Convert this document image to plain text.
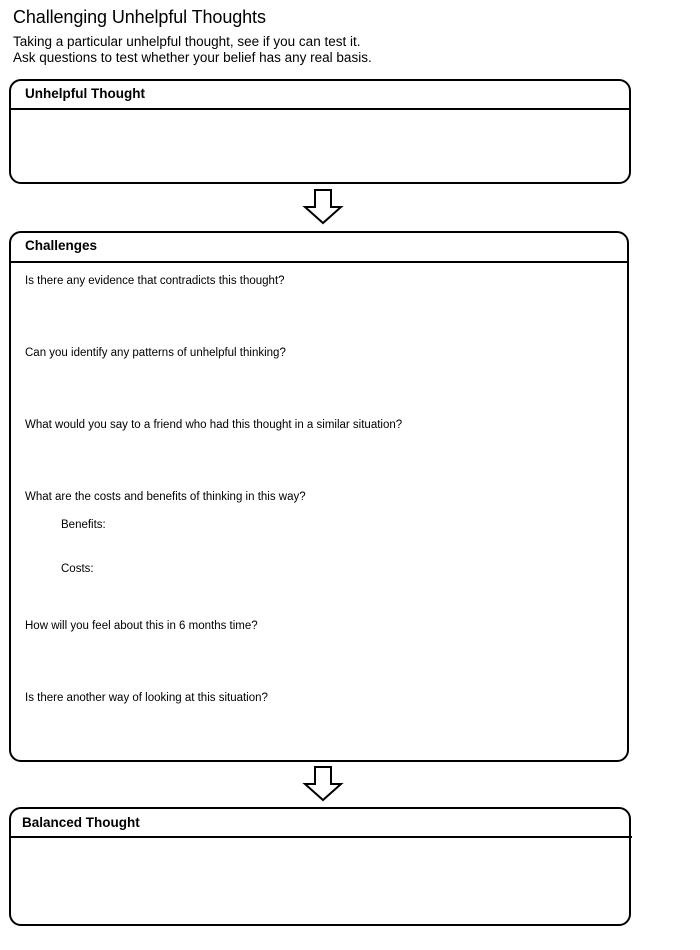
Challenging Unhelpful Thoughts

Taking a particular unhelpful thought, see if you can test it.

Ask questions to test whether your belief has any real basis.

Unhelpful Thought
Challenges
Is there any evidence that contradicts this thought?
Can you identify any patterns of unhelpful thinking?
What would you say to a friend who had this thought in a similar situation?
What are the costs and benefits of thinking in this way?
Benefits:
Costs:
How will you feel about this in 6 months time?
Is there another way of looking at this situation?
Balanced Thought
